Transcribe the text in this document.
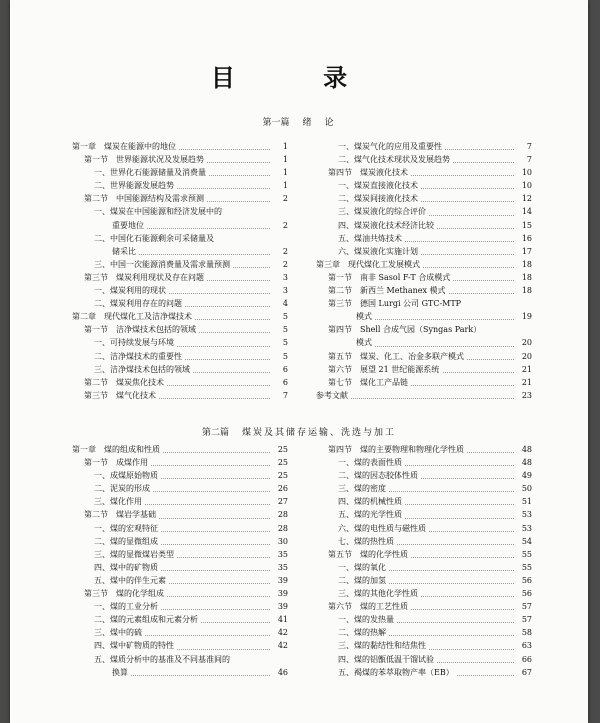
目 录
第一篇 绪　论
第一章　煤炭在能源中的地位	1
第一节　世界能源状况及发展趋势	1
一、世界化石能源储量及消费量	1
二、世界能源发展趋势	1
第二节　中国能源结构及需求预测	2
一、煤炭在中国能源和经济发展中的
重要地位	2
二、中国化石能源剩余可采储量及
储采比	2
三、中国一次能源消费量及需求量预测	2
第三节　煤炭利用现状及存在问题	3
一、煤炭利用的现状	3
二、煤炭利用存在的问题	4
第二章　现代煤化工及洁净煤技术	5
第一节　洁净煤技术包括的领域	5
一、可持续发展与环境	5
二、洁净煤技术的重要性	5
三、洁净煤技术包括的领域	6
第二节　煤炭焦化技术	6
第三节　煤气化技术	7
一、煤炭气化的应用及重要性	7
二、煤气化技术现状及发展趋势	7
第四节　煤炭液化技术	10
一、煤炭直接液化技术	10
二、煤炭间接液化技术	12
三、煤炭液化的综合评价	14
四、煤炭液化技术经济比较	15
五、煤油共炼技术	16
六、煤炭液化实施计划	17
第三章　现代煤化工发展模式	18
第一节　南非 Sasol F-T 合成模式	18
第二节　新西兰 Methanex 模式	18
第三节　德国 Lurgi 公司 GTC-MTP
模式	19
第四节　Shell 合成气园（Syngas Park）
模式	20
第五节　煤炭、化工、冶金多联产模式	20
第六节　展望 21 世纪能源系统	21
第七节　煤化工产品链	21
参考文献	23
第二篇 煤炭及其储存运输、洗选与加工
第一章　煤的组成和性质	25
第一节　成煤作用	25
一、成煤原始物质	25
二、泥炭的形成	26
三、煤化作用	27
第二节　煤岩学基础	28
一、煤的宏观特征	28
二、煤的显微组成	30
三、煤的显微煤岩类型	35
四、煤中的矿物质	35
五、煤中的伴生元素	39
第三节　煤的化学组成	39
一、煤的工业分析	39
二、煤的元素组成和元素分析	41
三、煤中的硫	42
四、煤中矿物质的特性	42
五、煤质分析中的基准及不同基准间的
换算	46
第四节　煤的主要物理和物理化学性质	48
一、煤的表面性质	48
二、煤的因态胶体性质	49
三、煤的密度	50
四、煤的机械性质	51
五、煤的光学性质	53
六、煤的电性质与磁性质	53
七、煤的热性质	54
第五节　煤的化学性质	55
一、煤的氧化	55
二、煤的加氢	56
三、煤的其他化学性质	56
第六节　煤的工艺性质	57
一、煤的发热量	57
二、煤的热解	58
三、煤的黏结性和结焦性	63
四、煤的铝甑低温干馏试验	66
五、褐煤的苯萃取物产率（EB）	67
